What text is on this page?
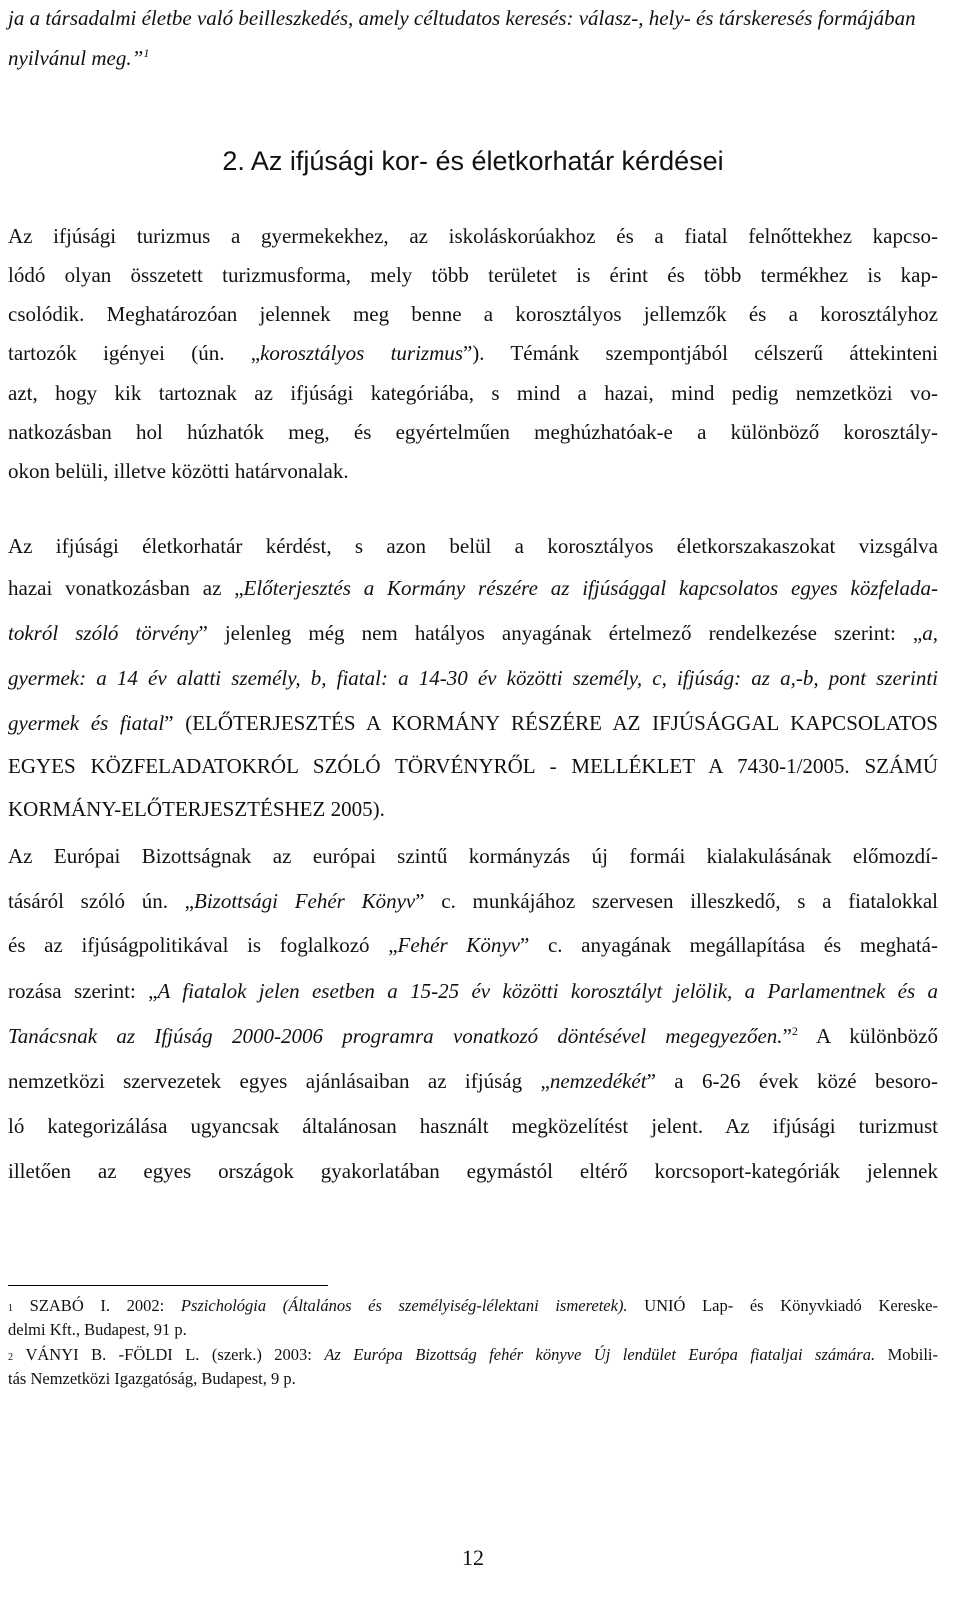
ja a társadalmi életbe való beilleszkedés, amely céltudatos keresés: válasz-, hely- és társkeresés formájában
nyilvánul meg.”$^1$
Az ifjúsági turizmus a gyermekekhez, az iskoláskorúakhoz és a fiatal felnőttekhez kapcso-
lódó olyan összetett turizmusforma, mely több területet is érint és több termékhez is kap-
csolódik. Meghatározóan jelennek meg benne a korosztályos jellemzők és a korosztályhoz
tartozók igényei (ún. „korosztályos turizmus”). Témánk szempontjából célszerű áttekinteni
azt, hogy kik tartoznak az ifjúsági kategóriába, s mind a hazai, mind pedig nemzetközi vo-
natkozásban hol húzhatók meg, és egyértelműen meghúzhatóak-e a különböző korosztály-
okon belüli, illetve közötti határvonalak.
Az ifjúsági életkorhatár kérdést, s azon belül a korosztályos életkorszakaszokat vizsgálva
hazai vonatkozásban az „Előterjesztés a Kormány részére az ifjúsággal kapcsolatos egyes közfelada-
tokról szóló törvény” jelenleg még nem hatályos anyagának értelmező rendelkezése szerint: „a,
gyermek: a 14 év alatti személy, b, fiatal: a 14-30 év közötti személy, c, ifjúság: az a,-b, pont szerinti
gyermek és fiatal” (ELŐTERJESZTÉS A KORMÁNY RÉSZÉRE AZ IFJÚSÁGGAL KAPCSOLATOS
EGYES KÖZFELADATOKRÓL SZÓLÓ TÖRVÉNYRŐL - MELLÉKLET A 7430-1/2005. SZÁMÚ
KORMÁNY-ELŐTERJESZTÉSHEZ 2005).
Az Európai Bizottságnak az európai szintű kormányzás új formái kialakulásának előmozdí-
tásáról szóló ún. „Bizottsági Fehér Könyv” c. munkájához szervesen illeszkedő, s a fiatalokkal
és az ifjúságpolitikával is foglalkozó „Fehér Könyv” c. anyagának megállapítása és meghatá-
rozása szerint: „A fiatalok jelen esetben a 15-25 év közötti korosztályt jelölik, a Parlamentnek és a
Tanácsnak az Ifjúság 2000-2006 programra vonatkozó döntésével megegyezően.”$^2$ A különböző
nemzetközi szervezetek egyes ajánlásaiban az ifjúság „nemzedékét” a 6-26 évek közé besoro-
ló kategorizálása ugyancsak általánosan használt megközelítést jelent. Az ifjúsági turizmust
illetően az egyes országok gyakorlatában egymástól eltérő korcsoport-kategóriák jelennek
2. Az ifjúsági kor- és életkorhatár kérdései
1 SZABÓ I. 2002: Pszichológia (Általános és személyiség-lélektani ismeretek). UNIÓ Lap- és Könyvkiadó Kereske-
delmi Kft., Budapest, 91 p.
2 VÁNYI B. -FÖLDI L. (szerk.) 2003: Az Európa Bizottság fehér könyve Új lendület Európa fiataljai számára. Mobili-
tás Nemzetközi Igazgatóság, Budapest, 9 p.
12
